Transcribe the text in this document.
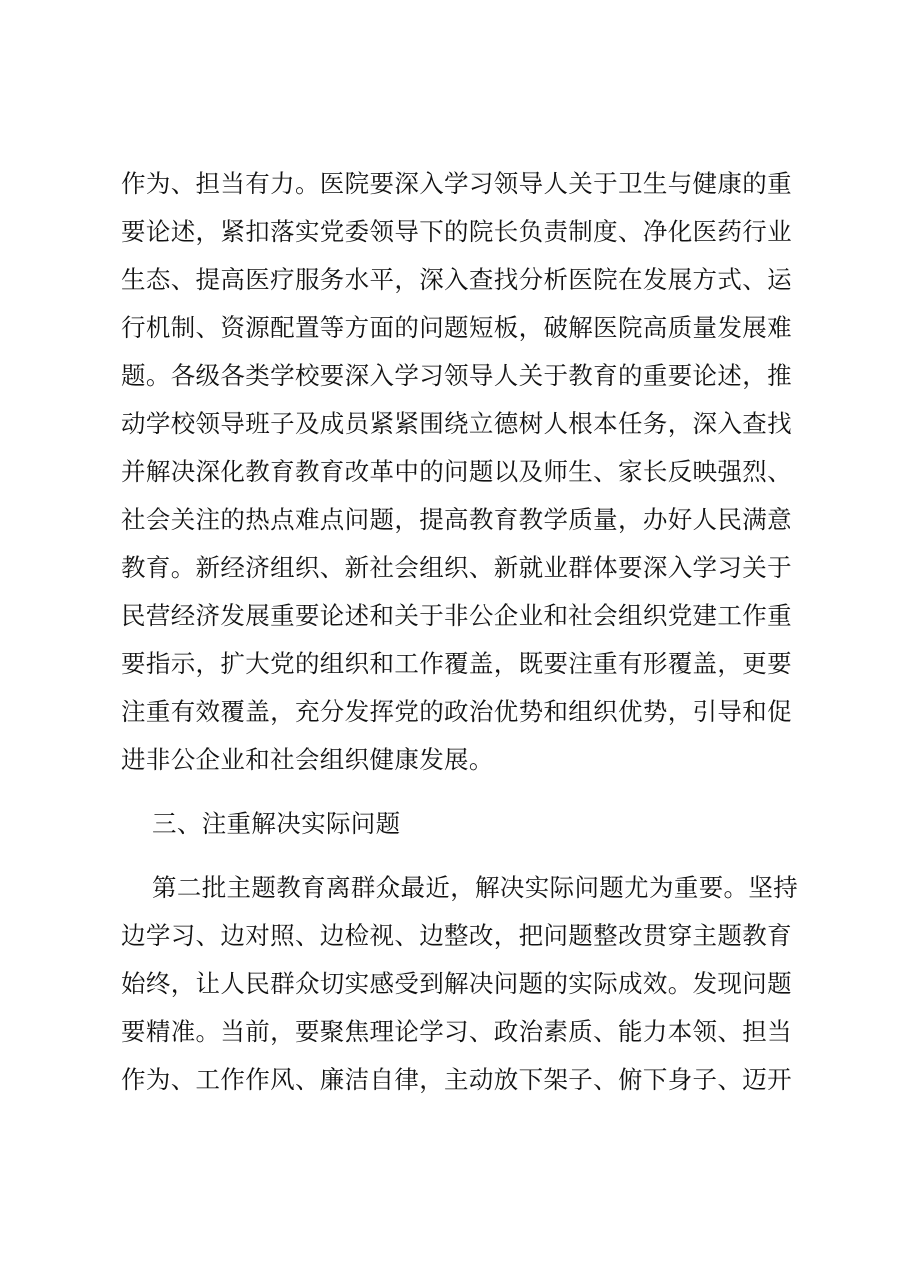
作为、担当有力。医院要深入学习领导人关于卫生与健康的重
要论述，紧扣落实党委领导下的院长负责制度、净化医药行业
生态、提高医疗服务水平，深入查找分析医院在发展方式、运
行机制、资源配置等方面的问题短板，破解医院高质量发展难
题。各级各类学校要深入学习领导人关于教育的重要论述，推
动学校领导班子及成员紧紧围绕立德树人根本任务，深入查找
并解决深化教育教育改革中的问题以及师生、家长反映强烈、
社会关注的热点难点问题，提高教育教学质量，办好人民满意
教育。新经济组织、新社会组织、新就业群体要深入学习关于
民营经济发展重要论述和关于非公企业和社会组织党建工作重
要指示，扩大党的组织和工作覆盖，既要注重有形覆盖，更要
注重有效覆盖，充分发挥党的政治优势和组织优势，引导和促
进非公企业和社会组织健康发展。
三、注重解决实际问题
第二批主题教育离群众最近，解决实际问题尤为重要。坚持
边学习、边对照、边检视、边整改，把问题整改贯穿主题教育
始终，让人民群众切实感受到解决问题的实际成效。发现问题
要精准。当前，要聚焦理论学习、政治素质、能力本领、担当
作为、工作作风、廉洁自律，主动放下架子、俯下身子、迈开
